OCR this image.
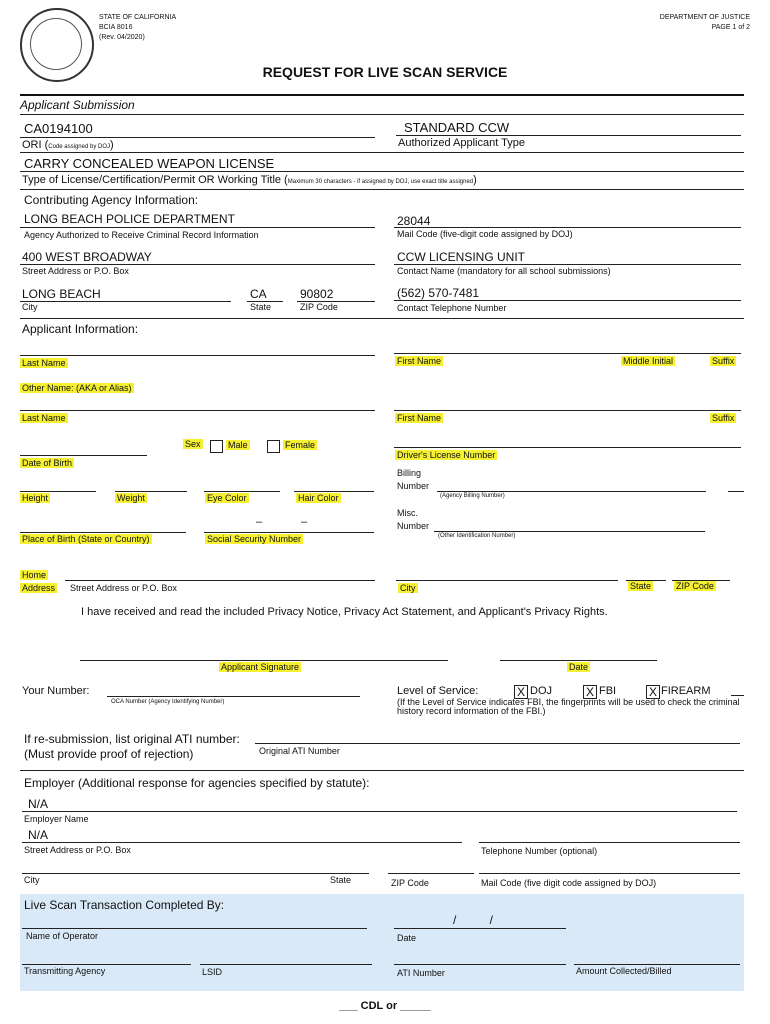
STATE OF CALIFORNIA
BCIA 8016
(Rev. 04/2020)
DEPARTMENT OF JUSTICE
PAGE 1 of 2
REQUEST FOR LIVE SCAN SERVICE
Applicant Submission
CA0194100
ORI (Code assigned by DOJ)
STANDARD CCW
Authorized Applicant Type
CARRY CONCEALED WEAPON LICENSE
Type of License/Certification/Permit OR Working Title (Maximum 30 characters - if assigned by DOJ, use exact title assigned)
Contributing Agency Information:
LONG BEACH POLICE DEPARTMENT
Agency Authorized to Receive Criminal Record Information
28044
Mail Code (five-digit code assigned by DOJ)
400 WEST BROADWAY
Street Address or P.O. Box
CCW LICENSING UNIT
Contact Name (mandatory for all school submissions)
LONG BEACH
City
CA
State
90802
ZIP Code
(562) 570-7481
Contact Telephone Number
Applicant Information:
Last Name	First Name	Middle Initial	Suffix
Other Name: (AKA or Alias)
Last Name	First Name	Suffix
Sex	Male	Female
Date of Birth
Driver's License Number
Billing
Number
(Agency Billing Number)
Height	Weight	Eye Color	Hair Color
Misc.
Number
(Other Identification Number)
Place of Birth (State or Country)
–	–
Social Security Number
Home
Address Street Address or P.O. Box	City	State	ZIP Code
I have received and read the included Privacy Notice, Privacy Act Statement, and Applicant's Privacy Rights.
Applicant Signature	Date
Your Number:
OCA Number (Agency Identifying Number)
Level of Service:	X DOJ	X FBI	X FIREARM
(If the Level of Service indicates FBI, the fingerprints will be used to check the criminal history record information of the FBI.)
If re-submission, list original ATI number:
(Must provide proof of rejection)	Original ATI Number
Employer (Additional response for agencies specified by statute):
N/A
Employer Name
N/A
Street Address or P.O. Box	Telephone Number (optional)
City	State	ZIP Code	Mail Code (five digit code assigned by DOJ)
Live Scan Transaction Completed By:
/          /
Name of Operator	Date
Transmitting Agency	LSID	ATI Number	Amount Collected/Billed
___ CDL or _____
